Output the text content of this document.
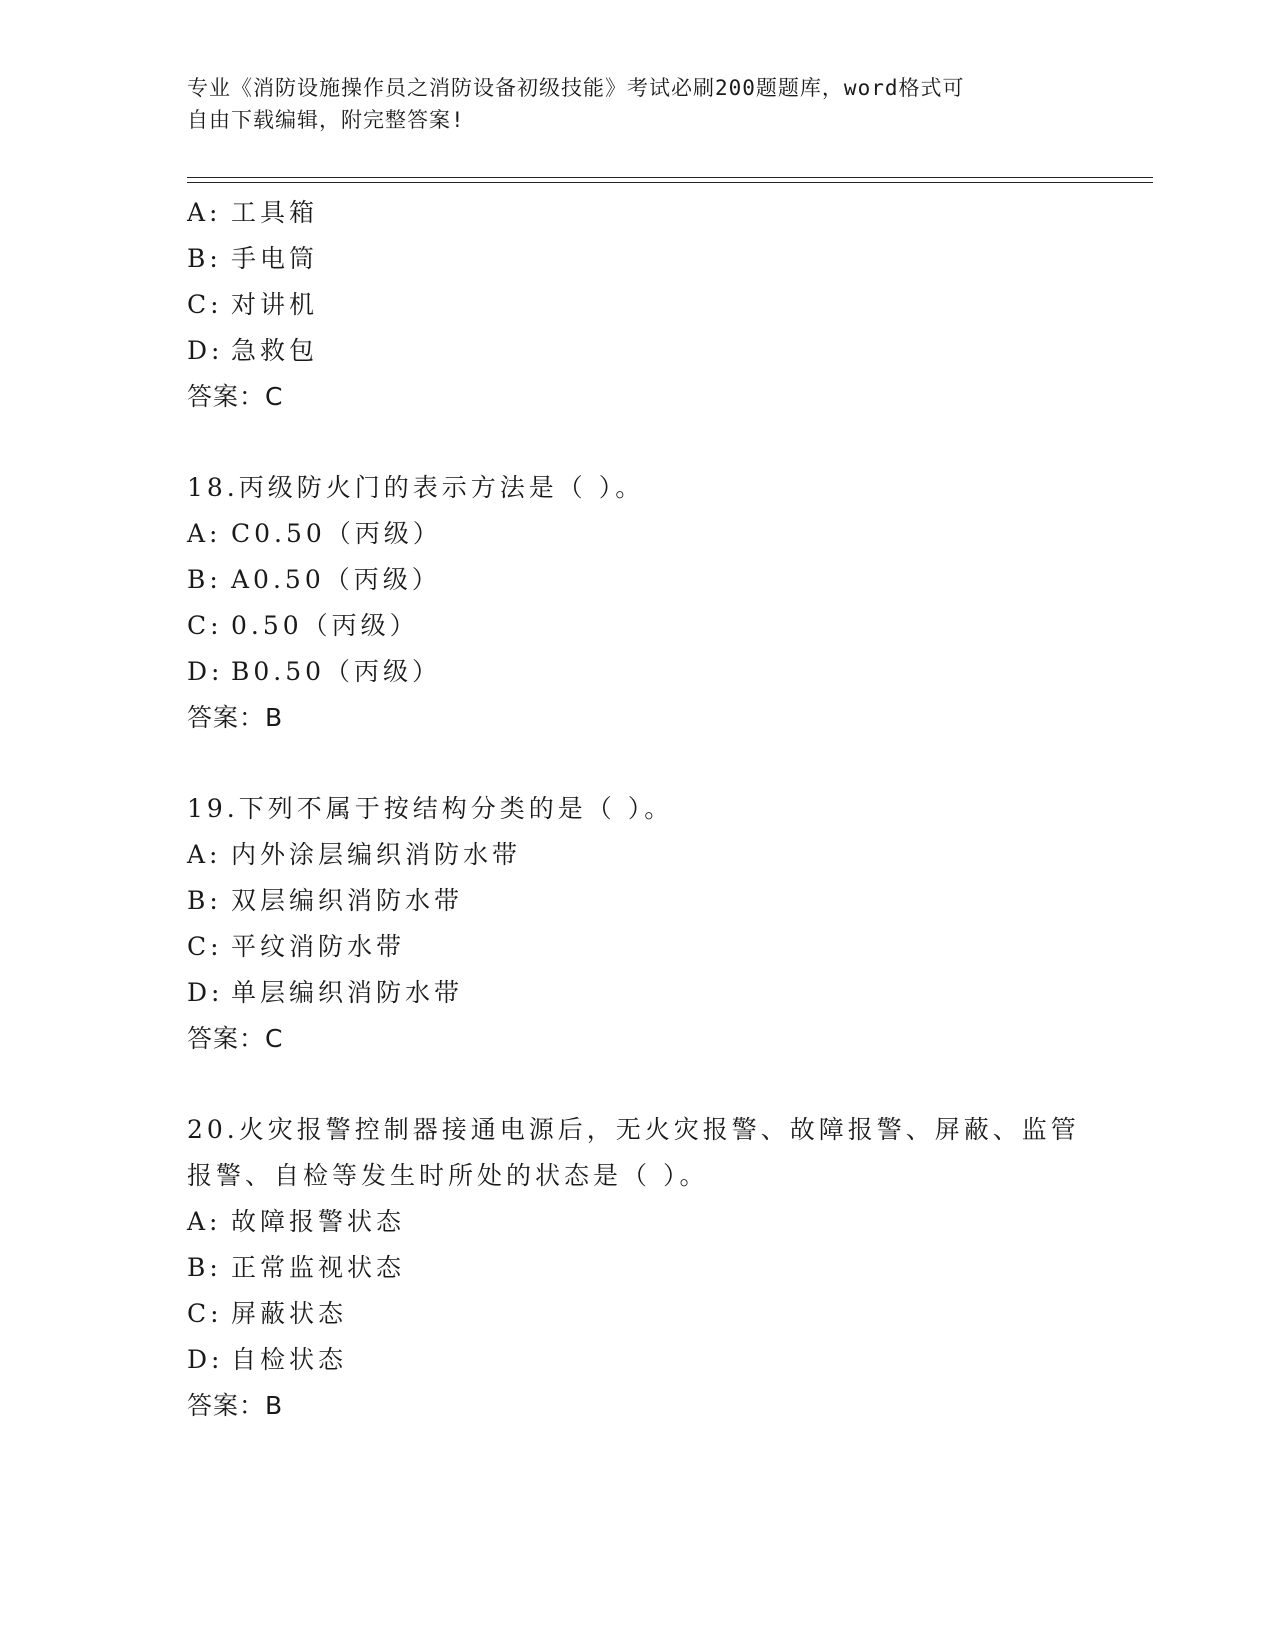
专业《消防设施操作员之消防设备初级技能》考试必刷200题题库，word格式可
自由下载编辑，附完整答案!
A: 工具箱
B: 手电筒
C: 对讲机
D: 急救包
答案：C
18.丙级防火门的表示方法是（ ）。
A: C0.50（丙级）
B: A0.50（丙级）
C: 0.50（丙级）
D: B0.50（丙级）
答案：B
19.下列不属于按结构分类的是（ ）。
A: 内外涂层编织消防水带
B: 双层编织消防水带
C: 平纹消防水带
D: 单层编织消防水带
答案：C
20.火灾报警控制器接通电源后，无火灾报警、故障报警、屏蔽、监管
报警、自检等发生时所处的状态是（ ）。
A: 故障报警状态
B: 正常监视状态
C: 屏蔽状态
D: 自检状态
答案：B
